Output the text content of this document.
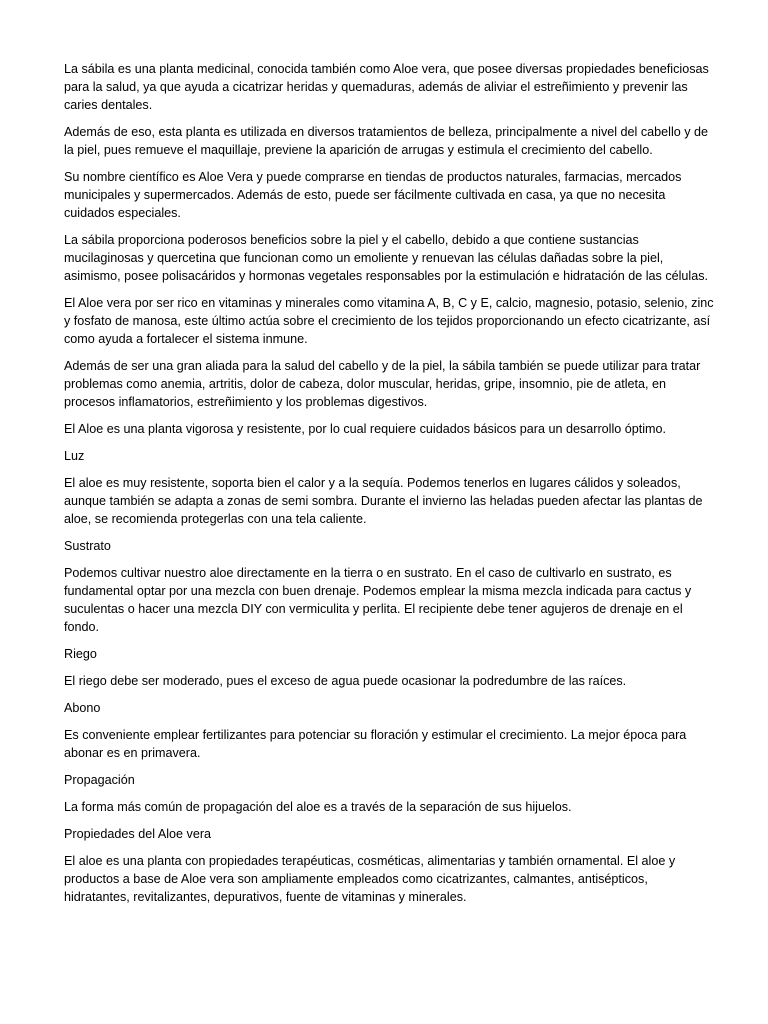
La sábila es una planta medicinal, conocida también como Aloe vera, que posee diversas propiedades beneficiosas para la salud, ya que ayuda a cicatrizar heridas y quemaduras, además de aliviar el estreñimiento y prevenir las caries dentales.

Además de eso, esta planta es utilizada en diversos tratamientos de belleza, principalmente a nivel del cabello y de la piel, pues remueve el maquillaje, previene la aparición de arrugas y estimula el crecimiento del cabello.

Su nombre científico es Aloe Vera y puede comprarse en tiendas de productos naturales, farmacias, mercados municipales y supermercados. Además de esto, puede ser fácilmente cultivada en casa, ya que no necesita cuidados especiales.

La sábila proporciona poderosos beneficios sobre la piel y el cabello, debido a que contiene sustancias mucilaginosas y quercetina que funcionan como un emoliente y renuevan las células dañadas sobre la piel, asimismo, posee polisacáridos y hormonas vegetales responsables por la estimulación e hidratación de las células.

El Aloe vera por ser rico en vitaminas y minerales como vitamina A, B, C y E, calcio, magnesio, potasio, selenio, zinc y fosfato de manosa, este último actúa sobre el crecimiento de los tejidos proporcionando un efecto cicatrizante, así como ayuda a fortalecer el sistema inmune.

Además de ser una gran aliada para la salud del cabello y de la piel, la sábila también se puede utilizar para tratar problemas como anemia, artritis, dolor de cabeza, dolor muscular, heridas, gripe, insomnio, pie de atleta, en procesos inflamatorios, estreñimiento y los problemas digestivos.

El Aloe es una planta vigorosa y resistente, por lo cual requiere cuidados básicos para un desarrollo óptimo.

Luz

El aloe es muy resistente, soporta bien el calor y a la sequía. Podemos tenerlos en lugares cálidos y soleados, aunque también se adapta a zonas de semi sombra. Durante el invierno las heladas pueden afectar las plantas de aloe, se recomienda protegerlas con una tela caliente.

Sustrato

Podemos cultivar nuestro aloe directamente en la tierra o en sustrato. En el caso de cultivarlo en sustrato, es fundamental optar por una mezcla con buen drenaje. Podemos emplear la misma mezcla indicada para cactus y suculentas o hacer una mezcla DIY con vermiculita y perlita. El recipiente debe tener agujeros de drenaje en el fondo.

Riego

El riego debe ser moderado, pues el exceso de agua puede ocasionar la podredumbre de las raíces.

Abono

Es conveniente emplear fertilizantes para potenciar su floración y estimular el crecimiento. La mejor época para abonar es en primavera.

Propagación

La forma más común de propagación del aloe es a través de la separación de sus hijuelos.

Propiedades del Aloe vera

El aloe es una planta con propiedades terapéuticas, cosméticas, alimentarias y también ornamental. El aloe y productos a base de Aloe vera son ampliamente empleados como cicatrizantes, calmantes, antisépticos, hidratantes, revitalizantes, depurativos, fuente de vitaminas y minerales.
